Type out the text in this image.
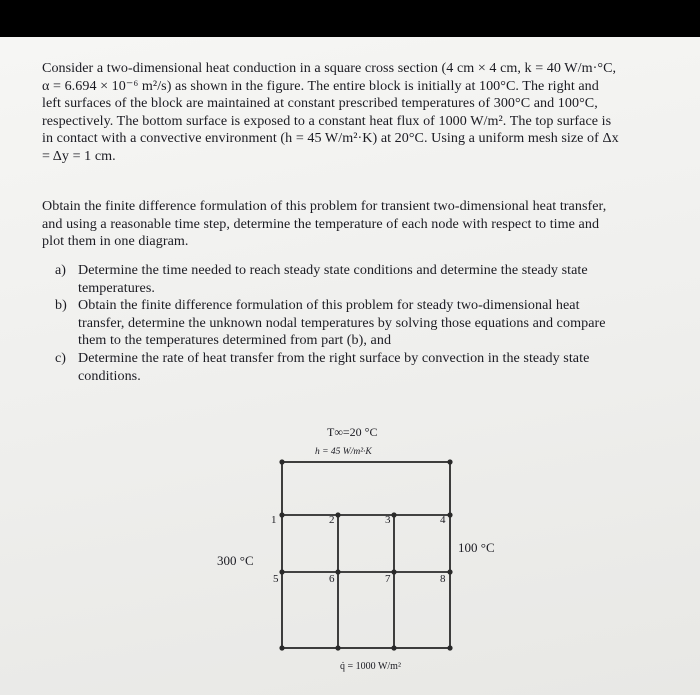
Consider a two-dimensional heat conduction in a square cross section (4 cm × 4 cm, k = 40 W/m·°C,
α = 6.694 × 10⁻⁶ m²/s) as shown in the figure. The entire block is initially at 100°C. The right and
left surfaces of the block are maintained at constant prescribed temperatures of 300°C and 100°C,
respectively. The bottom surface is exposed to a constant heat flux of 1000 W/m². The top surface is
in contact with a convective environment (h = 45 W/m²·K) at 20°C. Using a uniform mesh size of Δx
= Δy = 1 cm.
Obtain the finite difference formulation of this problem for transient two-dimensional heat transfer,
and using a reasonable time step, determine the temperature of each node with respect to time and
plot them in one diagram.
a) Determine the time needed to reach steady state conditions and determine the steady state
temperatures.
b) Obtain the finite difference formulation of this problem for steady two-dimensional heat
transfer, determine the unknown nodal temperatures by solving those equations and compare
them to the temperatures determined from part (b), and
c) Determine the rate of heat transfer from the right surface by convection in the steady state
conditions.
T∞=20 °C
h = 45 W/m²·K
1	2	3	4
5	6	7	8
300 °C
100 °C
q̇ = 1000 W/m²
